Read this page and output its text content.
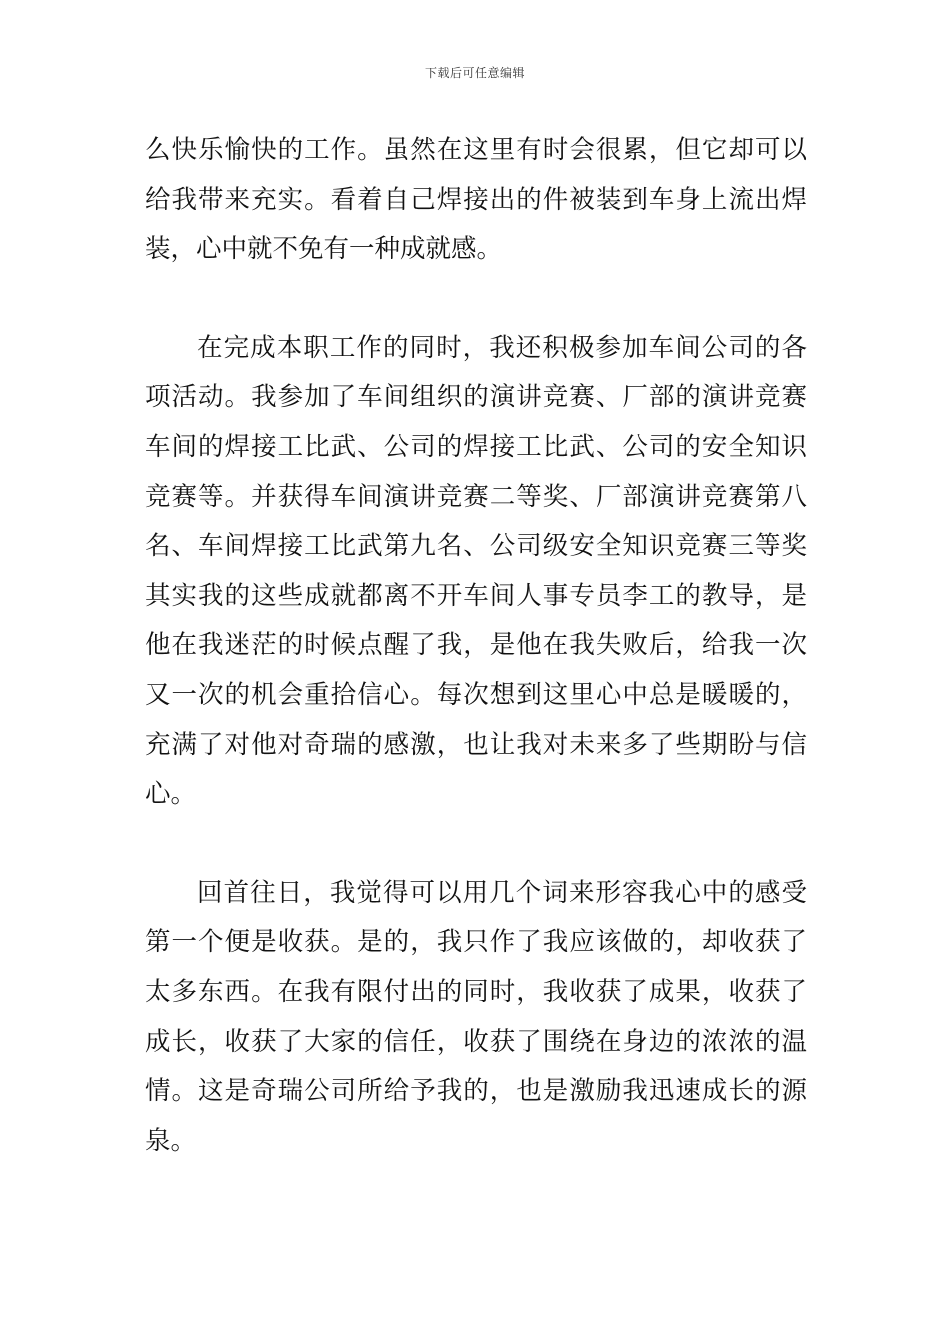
下载后可任意编辑

么快乐愉快的工作。虽然在这里有时会很累，但它却可以给我带来充实。看着自己焊接出的件被装到车身上流出焊装，心中就不免有一种成就感。

在完成本职工作的同时，我还积极参加车间公司的各项活动。我参加了车间组织的演讲竞赛、厂部的演讲竞赛车间的焊接工比武、公司的焊接工比武、公司的安全知识竞赛等。并获得车间演讲竞赛二等奖、厂部演讲竞赛第八名、车间焊接工比武第九名、公司级安全知识竞赛三等奖其实我的这些成就都离不开车间人事专员李工的教导，是他在我迷茫的时候点醒了我，是他在我失败后，给我一次又一次的机会重拾信心。每次想到这里心中总是暖暖的，充满了对他对奇瑞的感激，也让我对未来多了些期盼与信心。

回首往日，我觉得可以用几个词来形容我心中的感受第一个便是收获。是的，我只作了我应该做的，却收获了太多东西。在我有限付出的同时，我收获了成果，收获了成长，收获了大家的信任，收获了围绕在身边的浓浓的温情。这是奇瑞公司所给予我的，也是激励我迅速成长的源泉。
